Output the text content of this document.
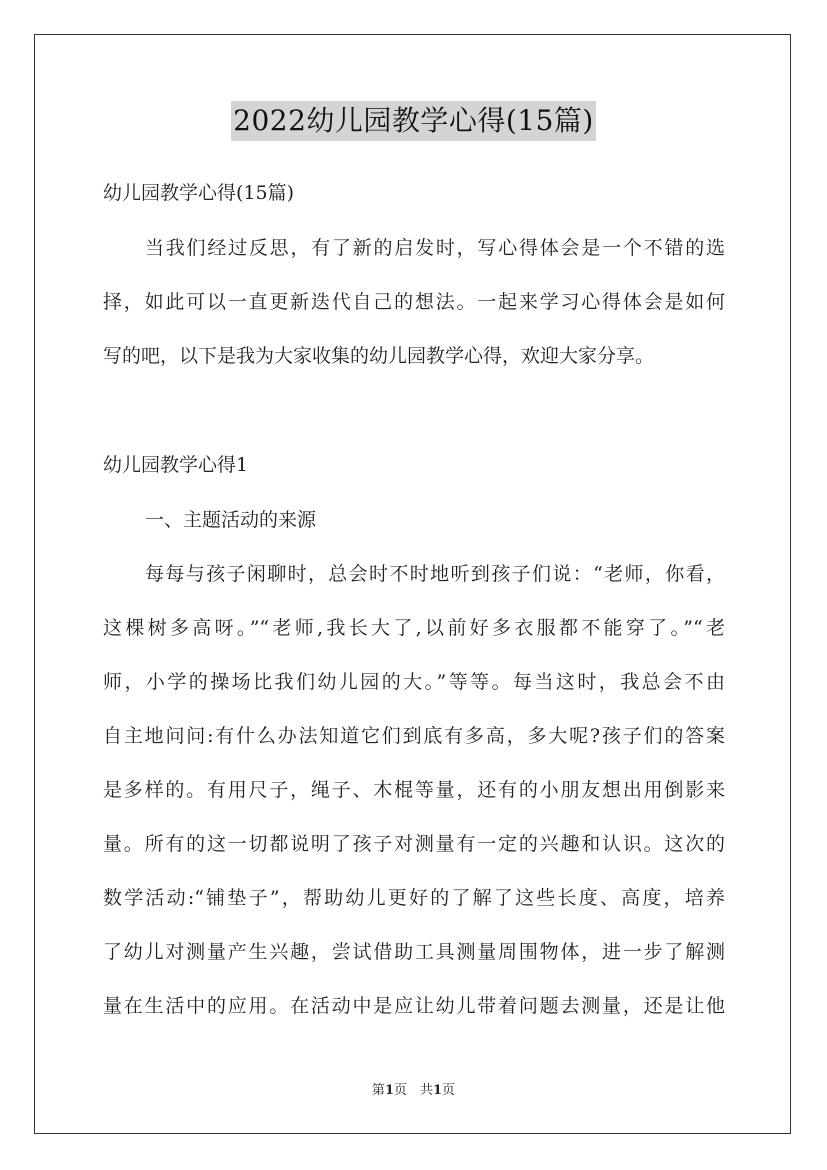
2022幼儿园教学心得(15篇)
幼儿园教学心得(15篇)
当我们经过反思，有了新的启发时，写心得体会是一个不错的选
择，如此可以一直更新迭代自己的想法。一起来学习心得体会是如何
写的吧，以下是我为大家收集的幼儿园教学心得，欢迎大家分享。
幼儿园教学心得1
一、主题活动的来源
每每与孩子闲聊时，总会时不时地听到孩子们说：“老师，你看，
这棵树多高呀。”“老师,我长大了,以前好多衣服都不能穿了。”“老
师，小学的操场比我们幼儿园的大。”等等。每当这时，我总会不由
自主地问问:有什么办法知道它们到底有多高，多大呢?孩子们的答案
是多样的。有用尺子，绳子、木棍等量，还有的小朋友想出用倒影来
量。所有的这一切都说明了孩子对测量有一定的兴趣和认识。这次的
数学活动:“铺垫子”，帮助幼儿更好的了解了这些长度、高度，培养
了幼儿对测量产生兴趣，尝试借助工具测量周围物体，进一步了解测
量在生活中的应用。在活动中是应让幼儿带着问题去测量，还是让他
第1页　共1页
